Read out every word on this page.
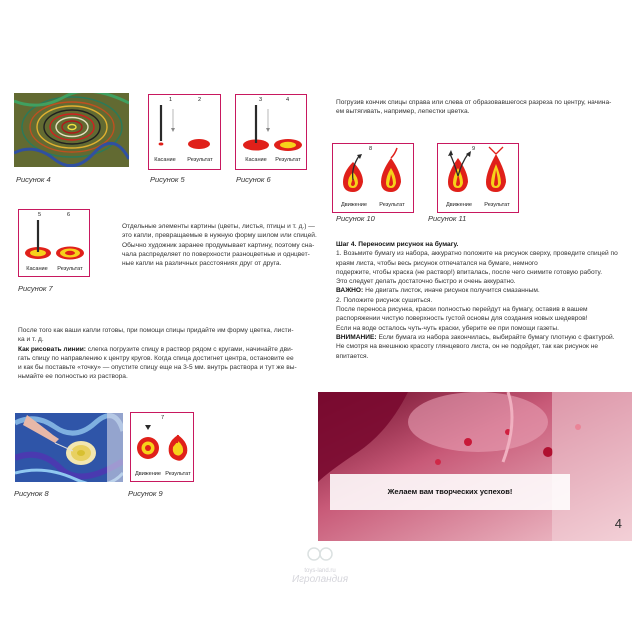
Рисунок 4
1	2
Касание	Результат
Рисунок 5
3	4
Касание	Результат
Рисунок 6
5	6
Касание	Результат
Рисунок 7
Отдельные элементы картины (цветы, листья, птицы и т. д.) —
это капли, превращаемые в нужную форму шилом или спицей.
Обычно художник заранее продумывает картину, поэтому сна-
чала распределяет по поверхности разноцветные и однцвет-
ные капли на различных расстояниях друг от друга.
После того как ваши капли готовы, при помощи спицы придайте им форму цветка, листи-
ка и т. д.
Как рисовать линии: слегка погрузите спицу в раствор рядом с кругами, начинайте дви-
гать спицу по направлению к центру кругов. Когда спица достигнет центра, остановите ее
и как бы поставьте «точку» — опустите спицу еще на 3-5 мм. внутрь раствора и тут же вы-
ньмайте ее полностью из раствора.
Рисунок 8
7
Движение Результат
Рисунок 9
Погрузив кончик спицы справа или слева от образовавшегося разреза по центру, начина-
ем вытягивать, например, лепестки цветка.
8
Движение	Результат
Рисунок 10
9
Движение	Результат
Рисунок 11
Шаг 4. Переносим рисунок на бумагу.
1. Возьмите бумагу из набора, аккуратно положите на рисунок сверху, проведите спицей по
краям листа, чтобы весь рисунок отпечатался на бумаге, немного
подержите, чтобы краска (не раствор!) впиталась, после чего снимите готовую работу.
Это следует делать достаточно быстро и очень аккуратно.
ВАЖНО: Не двигать листок, иначе рисунок получится смазанным.
2. Положите рисунок сушиться.
После переноса рисунка, краски полностью перейдут на бумагу, оставив в вашем
распоряжении чистую поверхность густой основы для создания новых шедевров!
Если на воде осталось чуть-чуть краски, уберите ее при помощи газеты.
ВНИМАНИЕ: Если бумага из набора закончилась, выбирайте бумагу плотную с фактурой.
Не смотря на внешнюю красоту глянцевого листа, он не подойдет, так как рисунок не
впитается.
Желаем вам творческих успехов!
4
toys-land.ru
Игроландия
